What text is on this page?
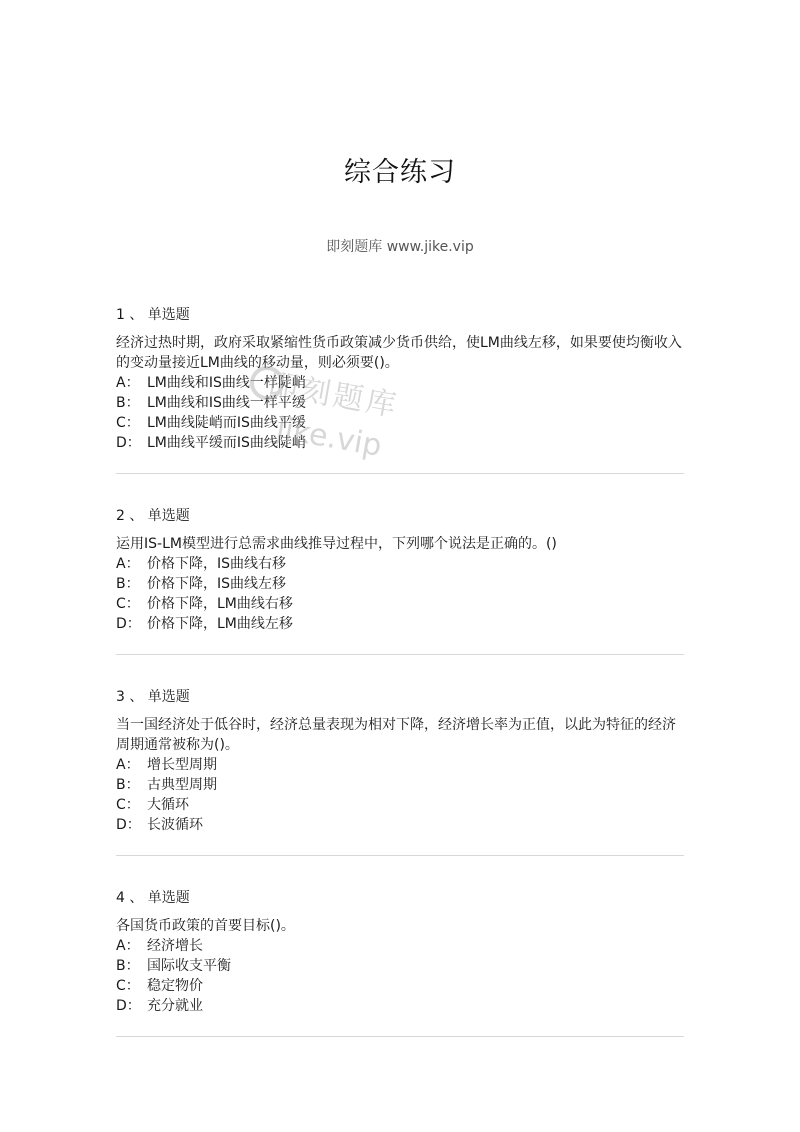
综合练习
即刻题库 www.jike.vip
1 、 单选题
经济过热时期，政府采取紧缩性货币政策减少货币供给，使LM曲线左移，如果要使均衡收入的变动量接近LM曲线的移动量，则必须要()。
A： LM曲线和IS曲线一样陡峭
B： LM曲线和IS曲线一样平缓
C： LM曲线陡峭而IS曲线平缓
D： LM曲线平缓而IS曲线陡峭
2 、 单选题
运用IS-LM模型进行总需求曲线推导过程中，下列哪个说法是正确的。()
A： 价格下降，IS曲线右移
B： 价格下降，IS曲线左移
C： 价格下降，LM曲线右移
D： 价格下降，LM曲线左移
3 、 单选题
当一国经济处于低谷时，经济总量表现为相对下降，经济增长率为正值，以此为特征的经济周期通常被称为()。
A： 增长型周期
B： 古典型周期
C： 大循环
D： 长波循环
4 、 单选题
各国货币政策的首要目标()。
A： 经济增长
B： 国际收支平衡
C： 稳定物价
D： 充分就业
即刻题库
jike.vip
